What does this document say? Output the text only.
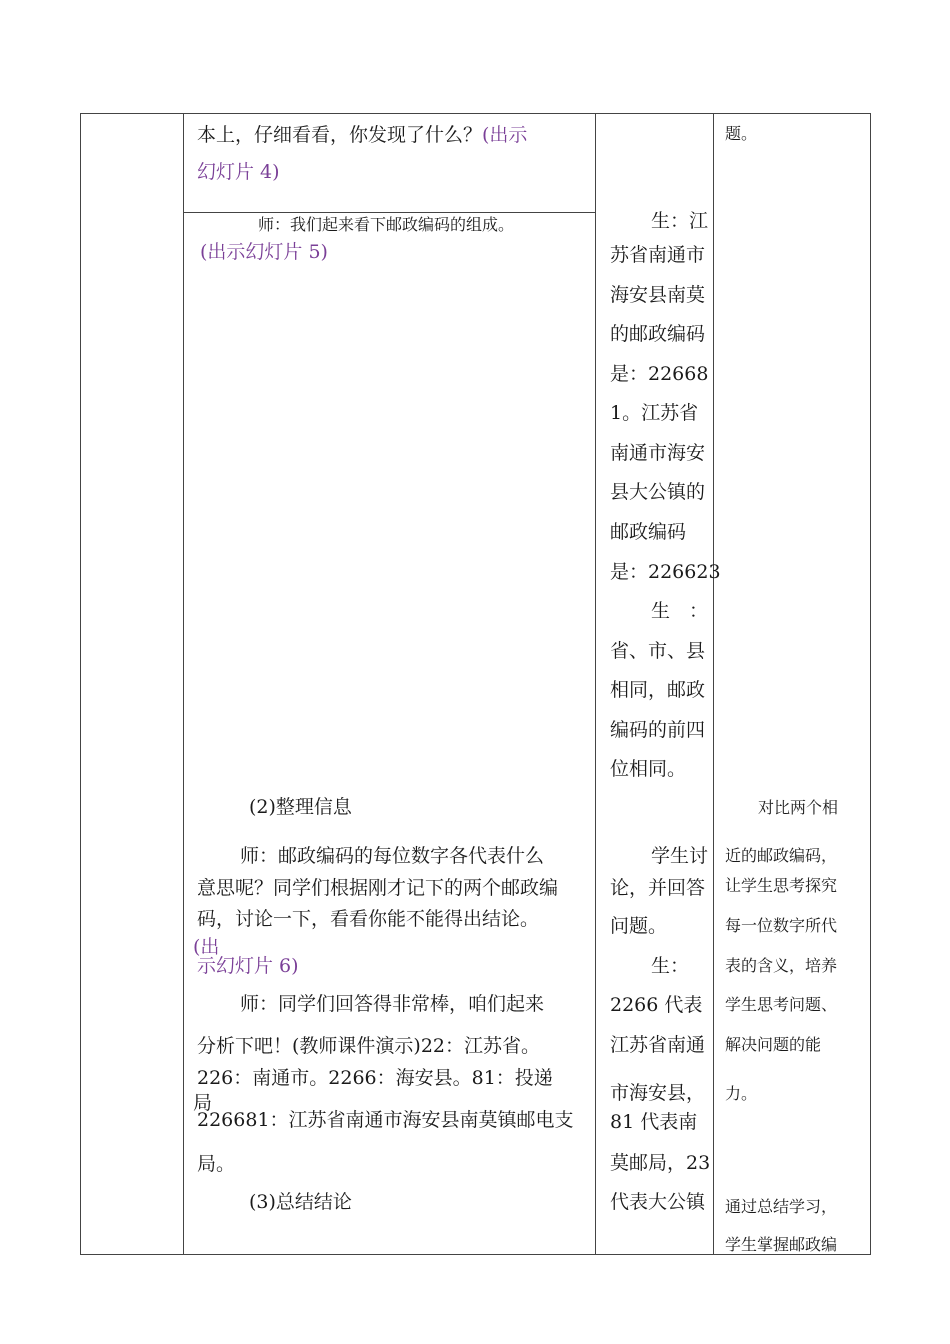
本上，仔细看看，你发现了什么？(出示
幻灯片 4)
师：我们起来看下邮政编码的组成。
(出示幻灯片 5)
(2)整理信息
师：邮政编码的每位数字各代表什么
意思呢？同学们根据刚才记下的两个邮政编
码，讨论一下，看看你能不能得出结论。
(出
示幻灯片 6)
师：同学们回答得非常棒，咱们起来
分析下吧！(教师课件演示)22：江苏省。
226：南通市。2266：海安县。81：投递
局
226681：江苏省南通市海安县南莫镇邮电支
局。
(3)总结结论
生：江
苏省南通市
海安县南莫
的邮政编码
是：22668
1。江苏省
南通市海安
县大公镇的
邮政编码
是：226623
生　：
省、市、县
相同，邮政
编码的前四
位相同。
学生讨
论，并回答
问题。
生：
2266 代表
江苏省南通
市海安县，
81 代表南
莫邮局，23
代表大公镇
题。
对比两个相
近的邮政编码，
让学生思考探究
每一位数字所代
表的含义，培养
学生思考问题、
解决问题的能
力。
通过总结学习，
学生掌握邮政编
